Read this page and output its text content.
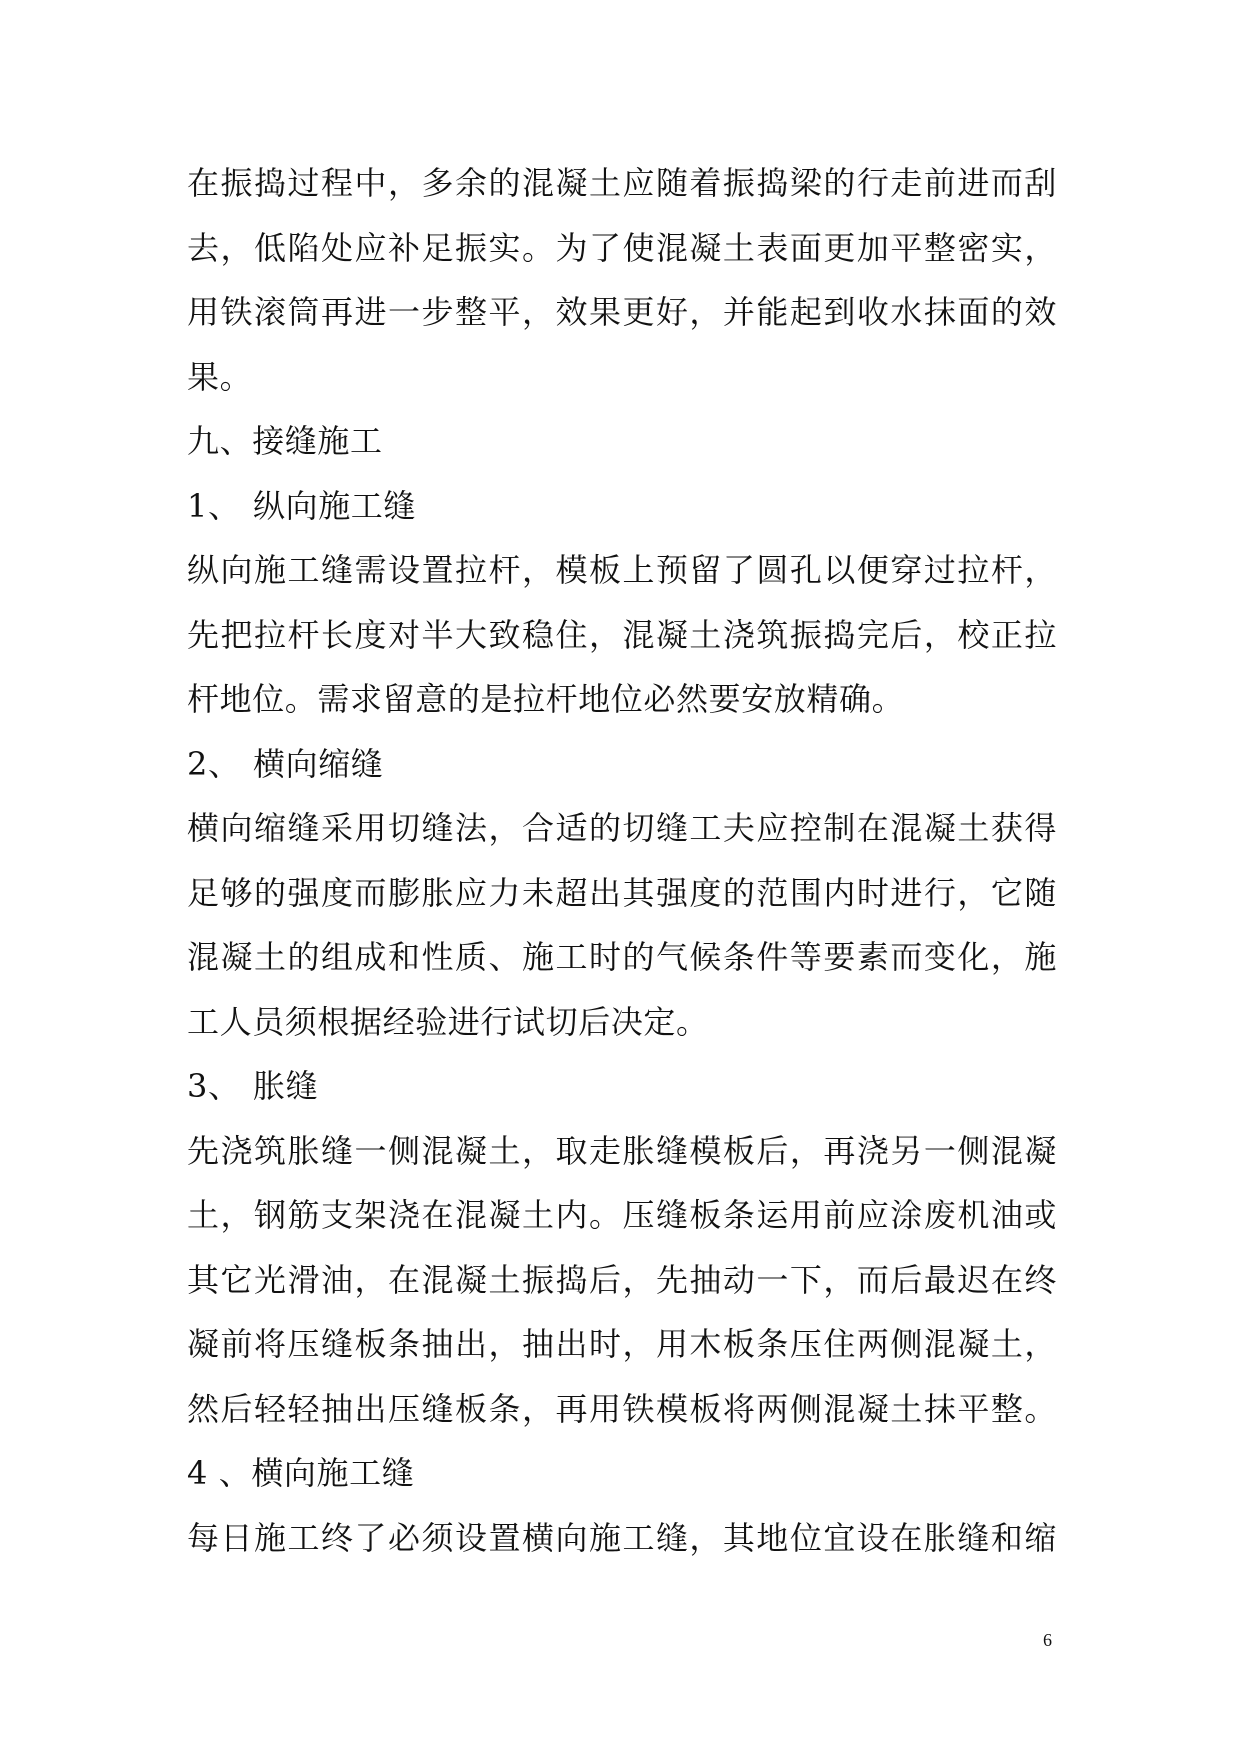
在振捣过程中，多余的混凝土应随着振捣梁的行走前进而刮
去，低陷处应补足振实。为了使混凝土表面更加平整密实，
用铁滚筒再进一步整平，效果更好，并能起到收水抹面的效
果。
九、接缝施工
1、 纵向施工缝
纵向施工缝需设置拉杆，模板上预留了圆孔以便穿过拉杆，
先把拉杆长度对半大致稳住，混凝土浇筑振捣完后，校正拉
杆地位。需求留意的是拉杆地位必然要安放精确。
2、 横向缩缝
横向缩缝采用切缝法，合适的切缝工夫应控制在混凝土获得
足够的强度而膨胀应力未超出其强度的范围内时进行，它随
混凝土的组成和性质、施工时的气候条件等要素而变化，施
工人员须根据经验进行试切后决定。
3、 胀缝
先浇筑胀缝一侧混凝土，取走胀缝模板后，再浇另一侧混凝
土，钢筋支架浇在混凝土内。压缝板条运用前应涂废机油或
其它光滑油，在混凝土振捣后，先抽动一下，而后最迟在终
凝前将压缝板条抽出，抽出时，用木板条压住两侧混凝土，
然后轻轻抽出压缝板条，再用铁模板将两侧混凝土抹平整。
4 、横向施工缝
每日施工终了必须设置横向施工缝，其地位宜设在胀缝和缩
6
